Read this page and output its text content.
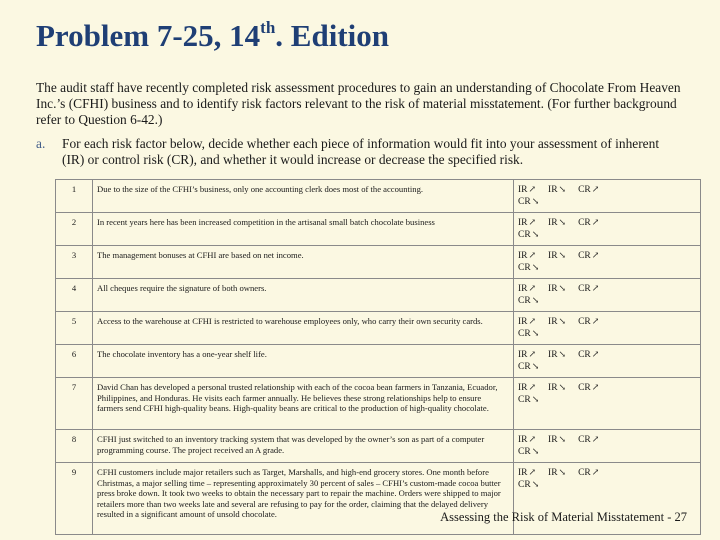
Problem 7-25, 14th. Edition
The audit staff have recently completed risk assessment procedures to gain an understanding of Chocolate From Heaven Inc.’s (CFHI) business and to identify risk factors relevant to the risk of material misstatement. (For further background refer to Question 6-42.)
a. For each risk factor below, decide whether each piece of information would fit into your assessment of inherent (IR) or control risk (CR), and whether it would increase or decrease the specified risk.
1	Due to the size of the CFHI’s business, only one accounting clerk does most of the accounting.	IR↗ IR↘ CR↗
CR↘
2	In recent years here has been increased competition in the artisanal small batch chocolate business	IR↗ IR↘ CR↗
CR↘
3	The management bonuses at CFHI are based on net income.	IR↗ IR↘ CR↗
CR↘
4	All cheques require the signature of both owners.	IR↗ IR↘ CR↗
CR↘
5	Access to the warehouse at CFHI is restricted to warehouse employees only, who carry their own security cards.	IR↗ IR↘ CR↗
CR↘
6	The chocolate inventory has a one-year shelf life.	IR↗ IR↘ CR↗
CR↘
7	David Chan has developed a personal trusted relationship with each of the cocoa bean farmers in Tanzania, Ecuador, Philippines, and Honduras. He visits each farmer annually. He believes these strong relationships help to ensure farmers send CFHI high-quality beans. High-quality beans are critical to the production of high-quality chocolate.	IR↗ IR↘ CR↗
CR↘
8	CFHI just switched to an inventory tracking system that was developed by the owner’s son as part of a computer programming course. The project received an A grade.	IR↗ IR↘ CR↗
CR↘
9	CFHI customers include major retailers such as Target, Marshalls, and high-end grocery stores. One month before Christmas, a major selling time – representing approximately 30 percent of sales – CFHI’s custom-made cocoa butter press broke down. It took two weeks to obtain the necessary part to repair the machine. Orders were shipped to major retailers more than two weeks late and several are refusing to pay for the order, claiming that the delayed delivery resulted in a significant amount of unsold chocolate.	IR↗ IR↘ CR↗
CR↘
Assessing the Risk of Material Misstatement - 27
